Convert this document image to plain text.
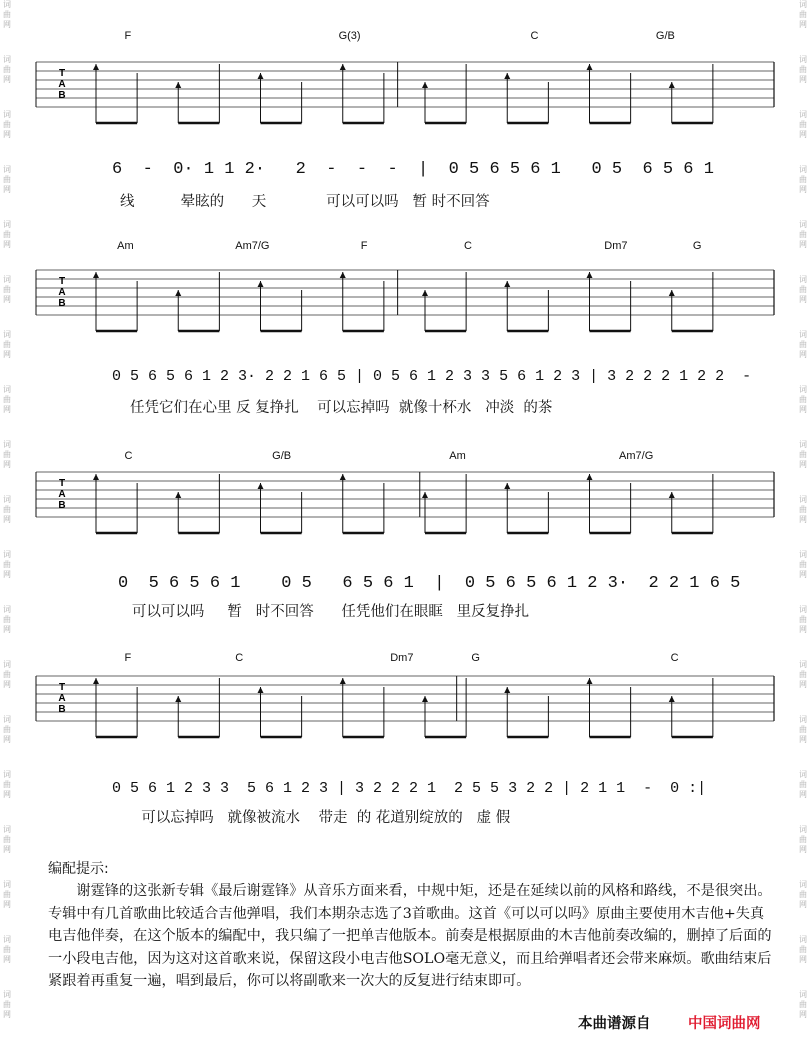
词
曲
网
词
曲
网
词
曲
网
词
曲
网
词
曲
网
词
曲
网
词
曲
网
词
曲
网
词
曲
网
词
曲
网
词
曲
网
词
曲
网
词
曲
网
词
曲
网
词
曲
网
词
曲
网
词
曲
网
词
曲
网
词
曲
网
词
曲
网
词
曲
网
词
曲
网
词
曲
网
词
曲
网
词
曲
网
词
曲
网
词
曲
网
词
曲
网
词
曲
网
词
曲
网
词
曲
网
词
曲
网
词
曲
网
词
曲
网
词
曲
网
词
曲
网
词
曲
网
词
曲
网
F	G(3)	C	G/B
T
A
B
6  -  0· 1 1 2·   2  -  -  -  |  0 5 6 5 6 1   0 5  6 5 6 1
线          晕眩的      天             可以可以吗   暂 时不回答
Am	Am7/G	F	C	Dm7	G
T
A
B
0 5 6 5 6 1 2 3· 2 2 1 6 5 | 0 5 6 1 2 3 3 5 6 1 2 3 | 3 2 2 2 1 2 2  -
任凭它们在心里 反 复挣扎    可以忘掉吗  就像十杯水   冲淡  的茶
C	G/B	Am	Am7/G
T
A
B
0  5 6 5 6 1    0 5   6 5 6 1  |  0 5 6 5 6 1 2 3·  2 2 1 6 5
可以可以吗     暂   时不回答      任凭他们在眼眶   里反复挣扎
F	C	Dm7	G	C
T
A
B
0 5 6 1 2 3 3  5 6 1 2 3 | 3 2 2 2 1  2 5 5 3 2 2 | 2 1 1  -  0 :|
可以忘掉吗   就像被流水    带走  的 花道别绽放的   虚 假
编配提示:
谢霆锋的这张新专辑《最后谢霆锋》从音乐方面来看，中规中矩，还是在延续以前的风格和路线，不是很突出。专辑中有几首歌曲比较适合吉他弹唱，我们本期杂志选了3首歌曲。这首《可以可以吗》原曲主要使用木吉他+失真电吉他伴奏，在这个版本的编配中，我只编了一把单吉他版本。前奏是根据原曲的木吉他前奏改编的，删掉了后面的一小段电吉他，因为这对这首歌来说，保留这段小电吉他SOLO毫无意义，而且给弹唱者还会带来麻烦。歌曲结束后紧跟着再重复一遍，唱到最后，你可以将副歌来一次大的反复进行结束即可。
本曲谱源自	中国词曲网
